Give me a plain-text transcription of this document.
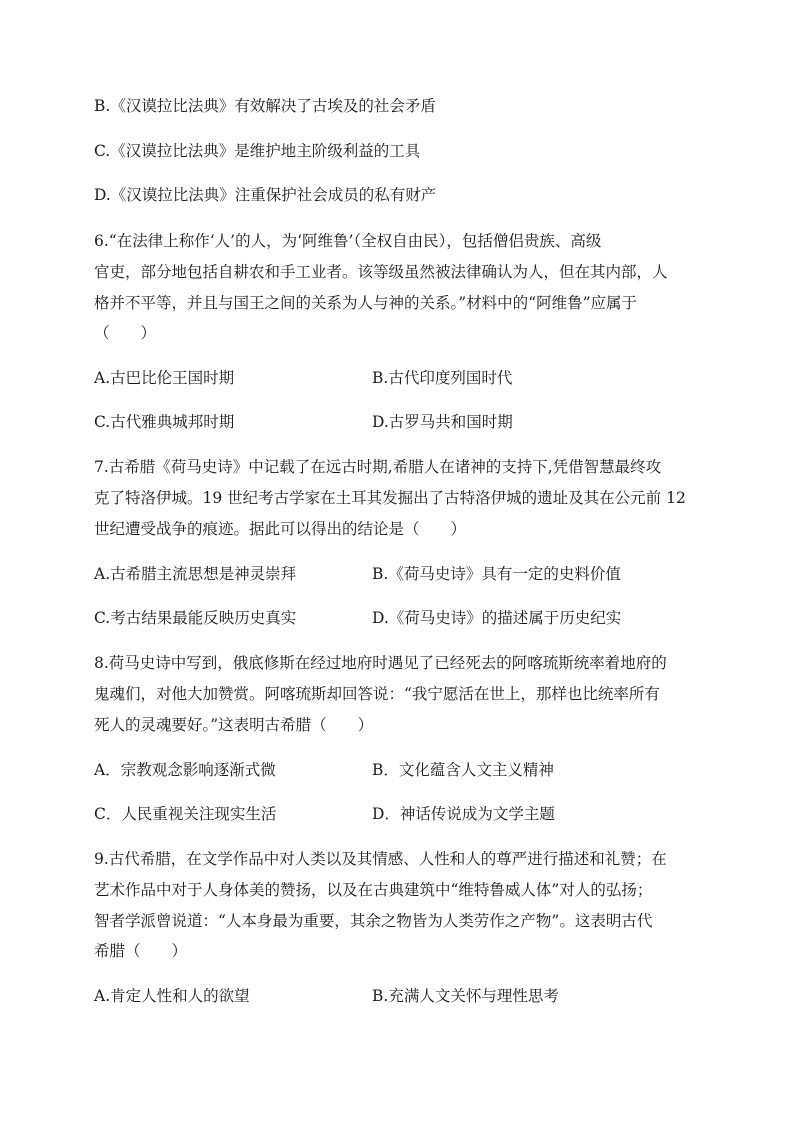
B.《汉谟拉比法典》有效解决了古埃及的社会矛盾
C.《汉谟拉比法典》是维护地主阶级利益的工具
D.《汉谟拉比法典》注重保护社会成员的私有财产
6.“在法律上称作‘人’的人，为‘阿维鲁’（全权自由民），包括僧侣贵族、高级
官吏，部分地包括自耕农和手工业者。该等级虽然被法律确认为人，但在其内部，人
格并不平等，并且与国王之间的关系为人与神的关系。”材料中的“阿维鲁”应属于
（　　）
A.古巴比伦王国时期	B.古代印度列国时代
C.古代雅典城邦时期	D.古罗马共和国时期
7.古希腊《荷马史诗》中记载了在远古时期,希腊人在诸神的支持下,凭借智慧最终攻
克了特洛伊城。19 世纪考古学家在土耳其发掘出了古特洛伊城的遗址及其在公元前 12
世纪遭受战争的痕迹。据此可以得出的结论是（　　）
A.古希腊主流思想是神灵崇拜	B.《荷马史诗》具有一定的史料价值
C.考古结果最能反映历史真实	D.《荷马史诗》的描述属于历史纪实
8.荷马史诗中写到，俄底修斯在经过地府时遇见了已经死去的阿喀琉斯统率着地府的
鬼魂们，对他大加赞赏。阿喀琉斯却回答说：“我宁愿活在世上，那样也比统率所有
死人的灵魂要好。”这表明古希腊（　　）
A．宗教观念影响逐渐式微	B．文化蕴含人文主义精神
C．人民重视关注现实生活	D．神话传说成为文学主题
9.古代希腊，在文学作品中对人类以及其情感、人性和人的尊严进行描述和礼赞；在
艺术作品中对于人身体美的赞扬，以及在古典建筑中“维特鲁威人体”对人的弘扬；
智者学派曾说道：“人本身最为重要，其余之物皆为人类劳作之产物”。这表明古代
希腊（　　）
A.肯定人性和人的欲望	B.充满人文关怀与理性思考
